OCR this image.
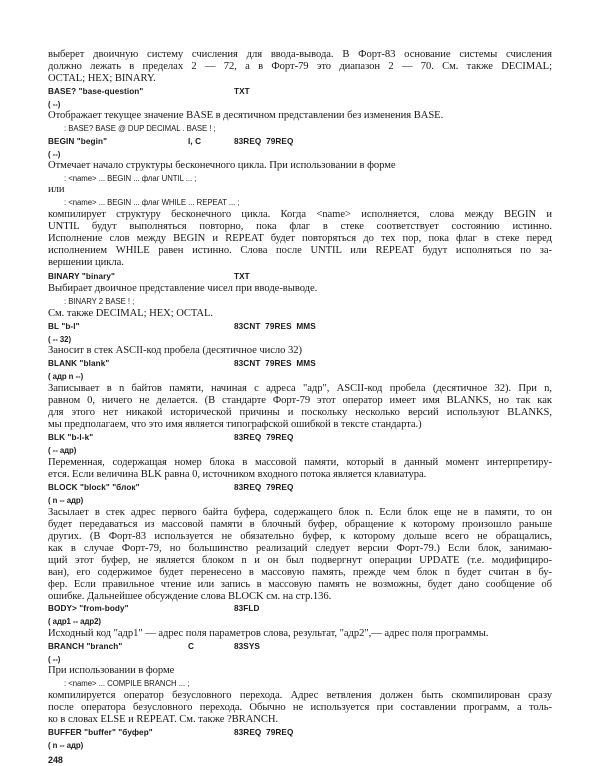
выберет двоичную систему счисления для ввода-вывода. В Форт-83 основание системы счисления
должно лежать в пределах 2 — 72, а в Форт-79 это диапазон 2 — 70. См. также DECIMAL;
OCTAL; HEX; BINARY.
BASE? "base-question"	TXT
( --)
Отображает текущее значение BASE в десятичном представлении без изменения BASE.
: BASE? BASE @ DUP DECIMAL . BASE ! ;
BEGIN "begin"	I, C	83REQ  79REQ
( --)
Отмечает начало структуры бесконечного цикла. При использовании в форме
: <name> ... BEGIN ... флаг UNTIL ... ;
или
: <name> ... BEGIN ... флаг WHILE ... REPEAT ... ;
компилирует структуру бесконечного цикла. Когда <name> исполняется, слова между BEGIN и
UNTIL будут выполняться повторно, пока флаг в стеке соответствует состоянию истинно.
Исполнение слов между BEGIN и REPEAT будет повторяться до тех пор, пока флаг в стеке перед
исполнением WHILE равен истинно. Слова после UNTIL или REPEAT будут исполняться по за-
вершении цикла.
BINARY "binary"	TXT
Выбирает двоичное представление чисел при вводе-выводе.
: BINARY 2 BASE ! ;
См. также DECIMAL; HEX; OCTAL.
BL "b-l"	83CNT  79RES  MMS
( -- 32)
Заносит в стек ASCII-код пробела (десятичное число 32)
BLANK "blank"	83CNT  79RES  MMS
( адр n --)
Записывает в n байтов памяти, начиная с адреса "адр", ASCII-код пробела (десятичное 32). При n,
равном 0, ничего не делается. (В стандарте Форт-79 этот оператор имеет имя BLANKS, но так как
для этого нет никакой исторической причины и поскольку несколько версий используют BLANKS,
мы предполагаем, что это имя является типографской ошибкой в тексте стандарта.)
BLK "b-l-k"	83REQ  79REQ
( -- адр)
Переменная, содержащая номер блока в массовой памяти, который в данный момент интерпретиру-
ется. Если величина BLK равна 0, источником входного потока является клавиатура.
BLOCK "block" "блок"	83REQ  79REQ
( n -- адр)
Засылает в стек адрес первого байта буфера, содержащего блок n. Если блок еще не в памяти, то он
будет передаваться из массовой памяти в блочный буфер, обращение к которому произошло раньше
других. (В Форт-83 используется не обязательно буфер, к которому дольше всего не обращались,
как в случае Форт-79, но большинство реализаций следует версии Форт-79.) Если блок, занимаю-
щий этот буфер, не является блоком n и он был подвергнут операции UPDATE (т.е. модифициро-
ван), его содержимое будет перенесено в массовую память, прежде чем блок n будет считан в бу-
фер. Если правильное чтение или запись в массовую память не возможны, будет дано сообщение об
ошибке. Дальнейшее обсуждение слова BLOCK см. на стр.136.
BODY> "from-body"	83FLD
( адр1 -- адр2)
Исходный код "адр1" — адрес поля параметров слова, результат, "адр2",— адрес поля программы.
BRANCH "branch"	C	83SYS
( --)
При использовании в форме
: <name> ... COMPILE BRANCH ... ;
компилируется оператор безусловного перехода. Адрес ветвления должен быть скомпилирован сразу
после оператора безусловного перехода. Обычно не используется при составлении программ, а толь-
ко в словах ELSE и REPEAT. См. также ?BRANCH.
BUFFER "buffer" "буфер"	83REQ  79REQ
( n -- адр)
248
